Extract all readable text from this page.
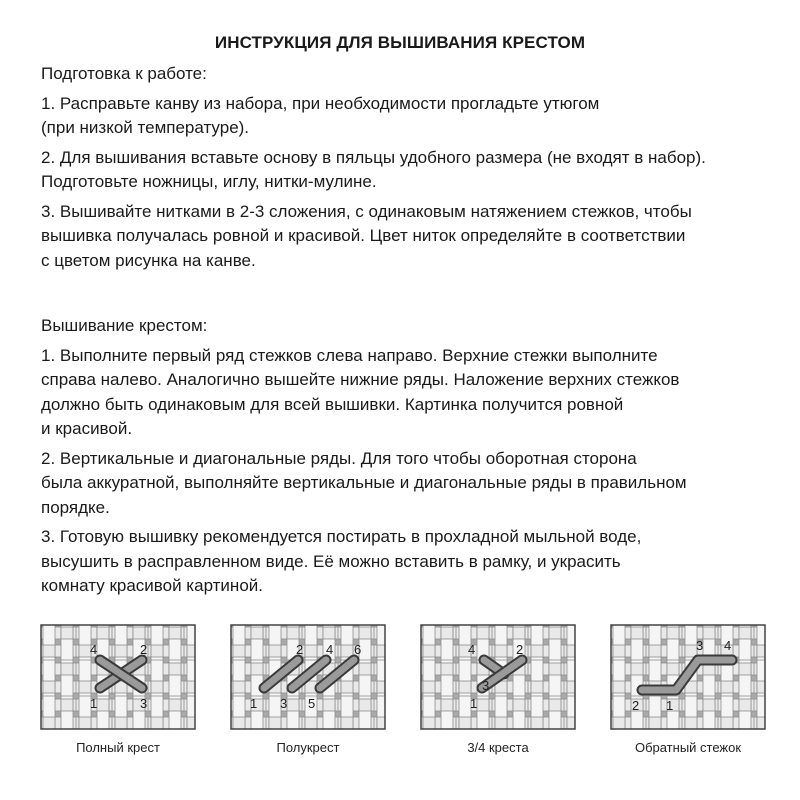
ИНСТРУКЦИЯ ДЛЯ ВЫШИВАНИЯ КРЕСТОМ

Подготовка к работе:

1. Расправьте канву из набора, при необходимости прогладьте утюгом

(при низкой температуре).

2. Для вышивания вставьте основу в пяльцы удобного размера (не входят в набор).

Подготовьте ножницы, иглу, нитки-мулине.

3. Вышивайте нитками в 2-3 сложения, с одинаковым натяжением стежков, чтобы

вышивка получалась ровной и красивой. Цвет ниток определяйте в соответствии

с цветом рисунка на канве.

Вышивание крестом:

1. Выполните первый ряд стежков слева направо. Верхние стежки выполните

справа налево. Аналогично вышейте нижние ряды. Наложение верхних стежков

должно быть одинаковым для всей вышивки. Картинка получится ровной

и красивой.

2. Вертикальные и диагональные ряды. Для того чтобы оборотная сторона

была аккуратной, выполняйте вертикальные и диагональные ряды в правильном

порядке.

3. Готовую вышивку рекомендуется постирать в прохладной мыльной воде,

высушить в расправленном виде. Её можно вставить в рамку, и украсить

комнату красивой картиной.

4	2
1	3
Полный крест
2 4 6
1 3 5
Полукрест
4	2
3
1
3/4 креста
3 4
2 1
Обратный стежок
